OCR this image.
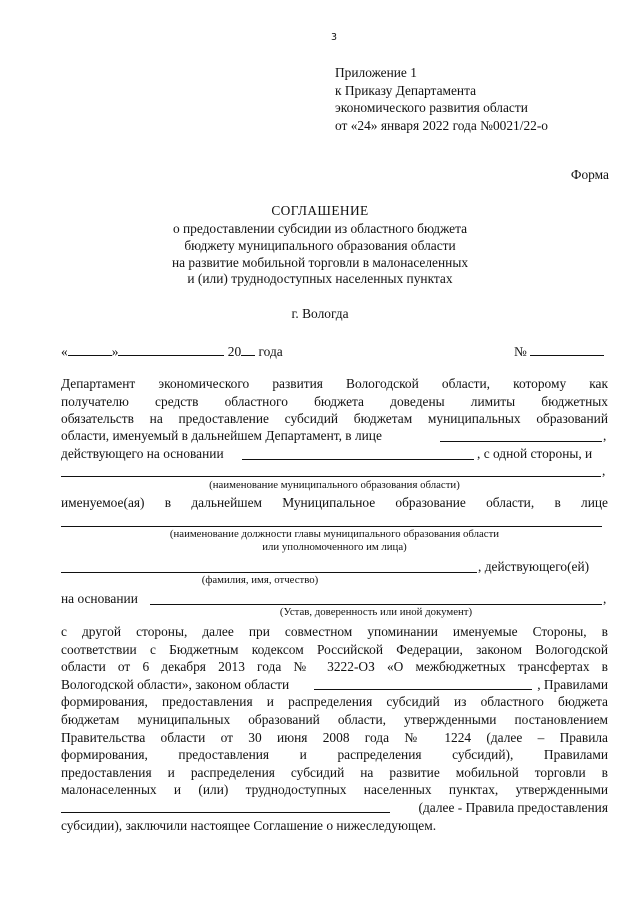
3
Приложение 1
к Приказу Департамента
экономического развития области
от «24» января 2022 года №0021/22-о
Форма
СОГЛАШЕНИЕ
о предоставлении субсидии из областного бюджета
бюджету муниципального образования области
на развитие мобильной торговли в малонаселенных
и (или) труднодоступных населенных пунктах
г. Вологда
«	»	20 года	№
Департамент экономического развития Вологодской области, которому как
получателю средств областного бюджета доведены лимиты бюджетных
обязательств на предоставление субсидий бюджетам муниципальных образований
области, именуемый в дальнейшем Департамент, в лице	,
действующего на основании	, с одной стороны, и
,
(наименование муниципального образования области)
именуемое(ая) в дальнейшем Муниципальное образование области, в лице
(наименование должности главы муниципального образования области
или уполномоченного им лица)
, действующего(ей)
(фамилия, имя, отчество)
на основании	,
(Устав, доверенность или иной документ)
с другой стороны, далее при совместном упоминании именуемые Стороны, в
соответствии с Бюджетным кодексом Российской Федерации, законом Вологодской
области от 6 декабря 2013 года № 3222-ОЗ «О межбюджетных трансфертах в
Вологодской области», законом области	, Правилами
формирования, предоставления и распределения субсидий из областного бюджета
бюджетам муниципальных образований области, утвержденными постановлением
Правительства области от 30 июня 2008 года № 1224 (далее – Правила
формирования, предоставления и распределения субсидий), Правилами
предоставления и распределения субсидий на развитие мобильной торговли в
малонаселенных и (или) труднодоступных населенных пунктах, утвержденными
(далее - Правила предоставления
субсидии), заключили настоящее Соглашение о нижеследующем.
